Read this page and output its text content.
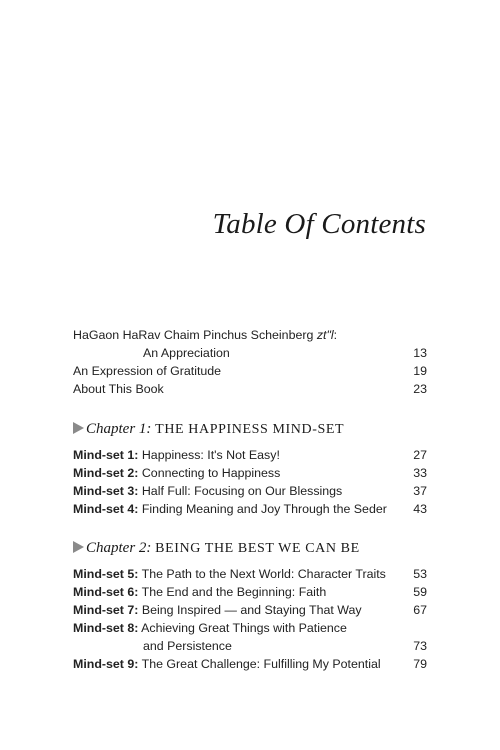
Table Of Contents
HaGaon HaRav Chaim Pinchus Scheinberg zt"l:
An Appreciation	13
An Expression of Gratitude	19
About This Book	23
Chapter 1: THE HAPPINESS MIND-SET
Mind-set 1: Happiness: It's Not Easy!	27
Mind-set 2: Connecting to Happiness	33
Mind-set 3: Half Full: Focusing on Our Blessings	37
Mind-set 4: Finding Meaning and Joy Through the Seder 43
Chapter 2: BEING THE BEST WE CAN BE
Mind-set 5: The Path to the Next World: Character Traits 53
Mind-set 6: The End and the Beginning: Faith	59
Mind-set 7: Being Inspired — and Staying That Way	67
Mind-set 8: Achieving Great Things with Patience
and Persistence	73
Mind-set 9: The Great Challenge: Fulfilling My Potential	79
